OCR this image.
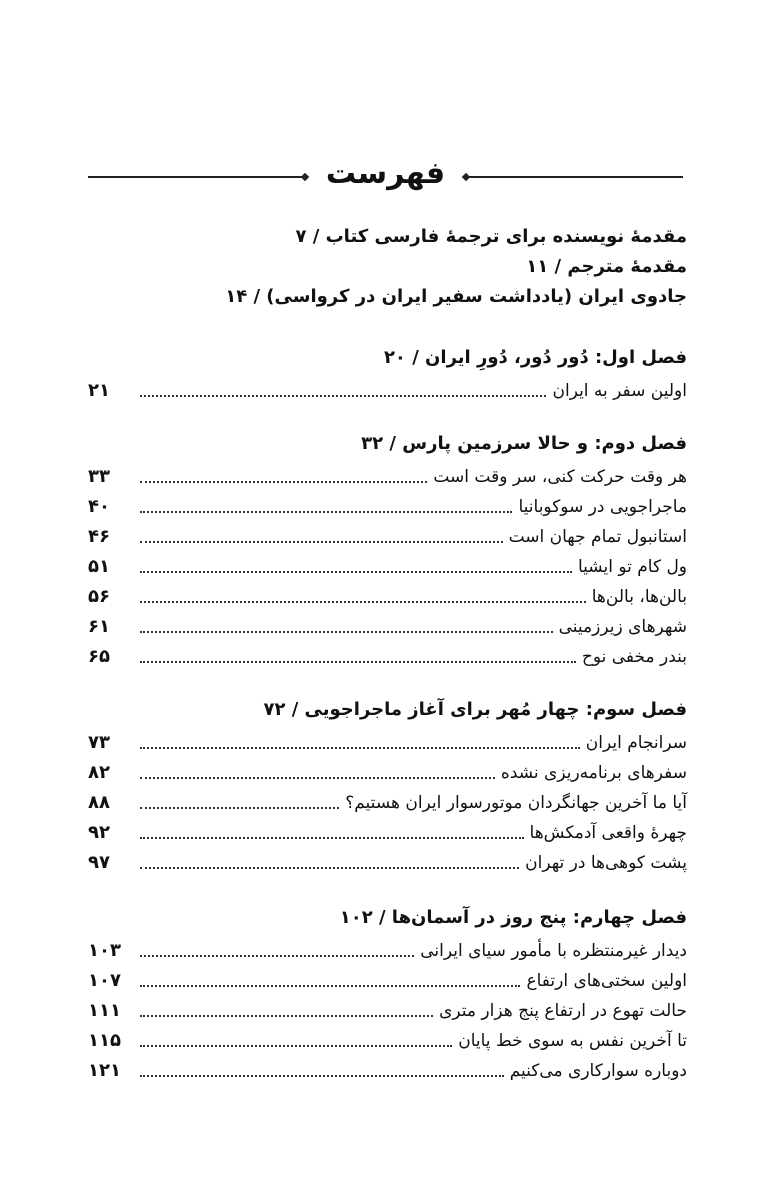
فهرست
مقدمهٔ نویسنده برای ترجمهٔ فارسی کتاب / ۷
مقدمهٔ مترجم / ۱۱
جادوی ایران (یادداشت سفیر ایران در کرواسی) / ۱۴
فصل اول: دُور دُور، دُورِ ایران / ۲۰
اولین سفر به ایران
۲۱
فصل دوم: و حالا سرزمین پارس / ۳۲
هر وقت حرکت کنی، سر وقت است
۳۳
ماجراجویی در سوکوبانیا
۴۰
استانبول تمام جهان است
۴۶
ول کام تو ایشیا
۵۱
بالن‌ها، بالن‌ها
۵۶
شهرهای زیرزمینی
۶۱
بندر مخفی نوح
۶۵
فصل سوم: چهار مُهر برای آغاز ماجراجویی / ۷۲
سرانجام ایران
۷۳
سفرهای برنامه‌ریزی نشده
۸۲
آیا ما آخرین جهانگردان موتورسوار ایران هستیم؟
۸۸
چهرهٔ واقعی آدمکش‌ها
۹۲
پشت کوهی‌ها در تهران
۹۷
فصل چهارم: پنج روز در آسمان‌ها / ۱۰۲
دیدار غیرمنتظره با مأمور سیای ایرانی
۱۰۳
اولین سختی‌های ارتفاع
۱۰۷
حالت تهوع در ارتفاع پنج هزار متری
۱۱۱
تا آخرین نفس به سوی خط پایان
۱۱۵
دوباره سوارکاری می‌کنیم
۱۲۱
